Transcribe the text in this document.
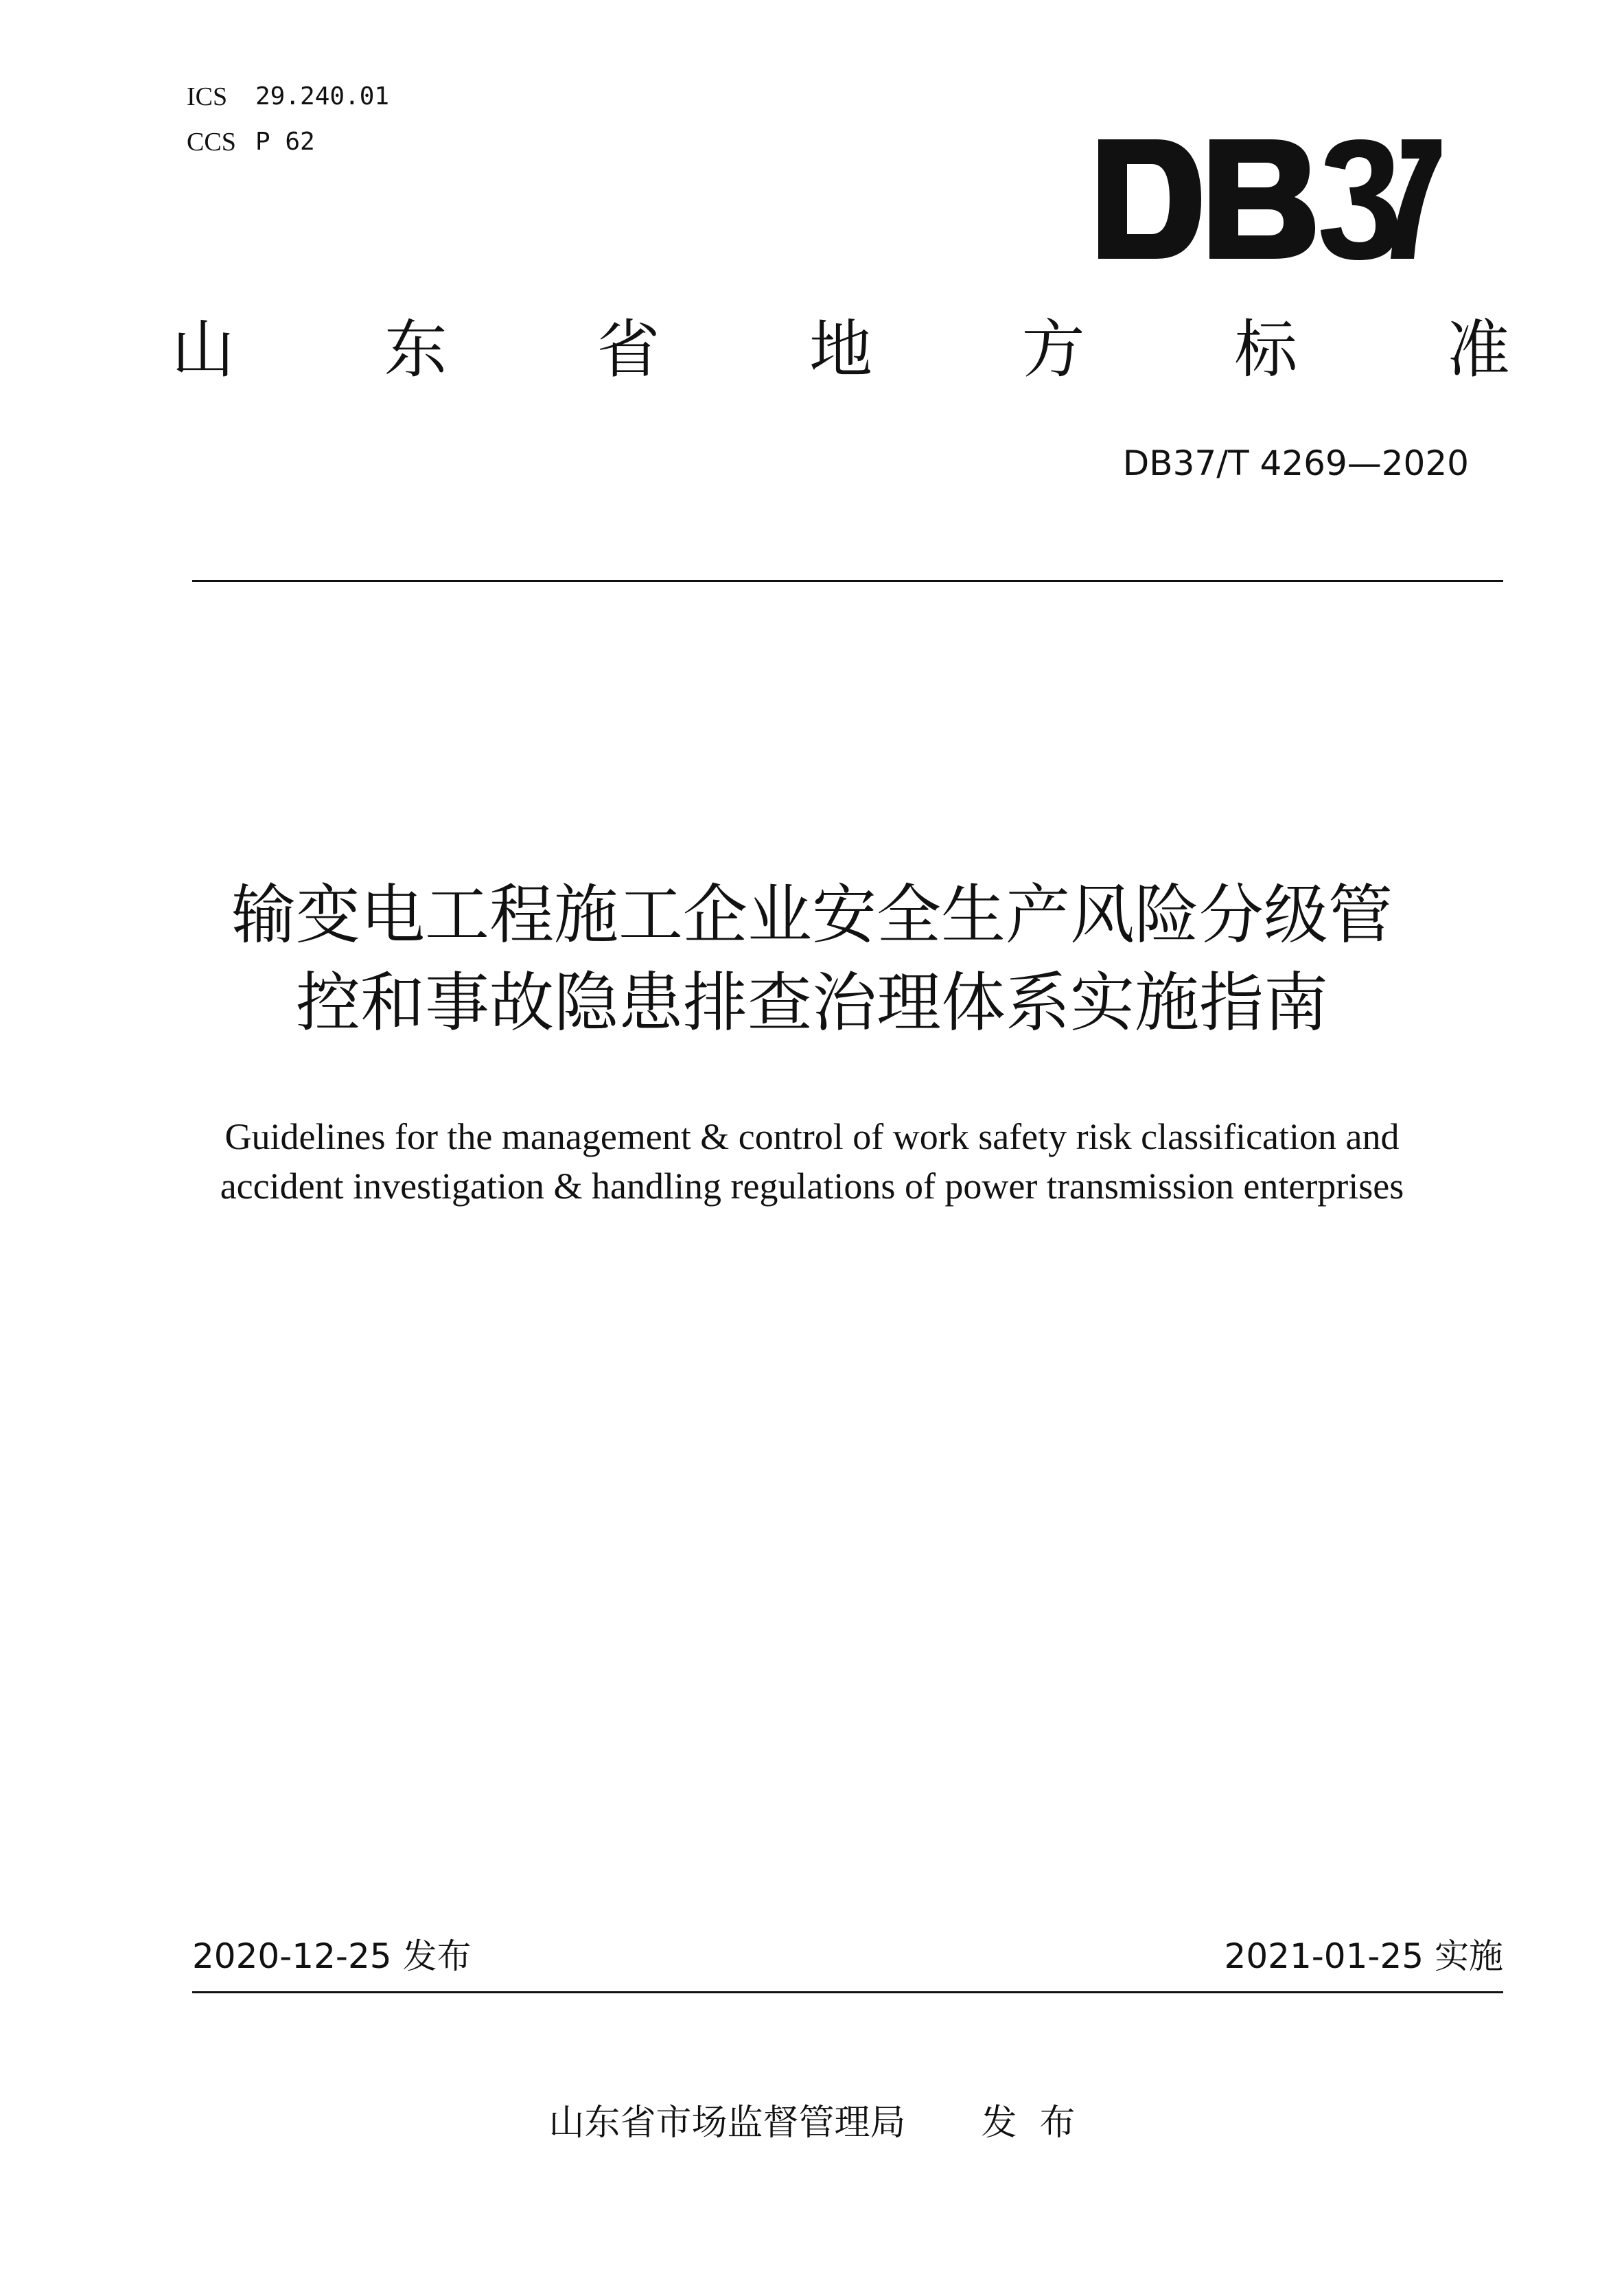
ICS	29.240.01
CCS P 62
山 东 省 地 方 标 准
DB37/T 4269—2020
输变电工程施工企业安全生产风险分级管
控和事故隐患排查治理体系实施指南
Guidelines for the management & control of work safety risk classification and
accident investigation & handling regulations of power transmission enterprises
2020-12-25 发布	2021-01-25 实施
山东省市场监督管理局 发  布
